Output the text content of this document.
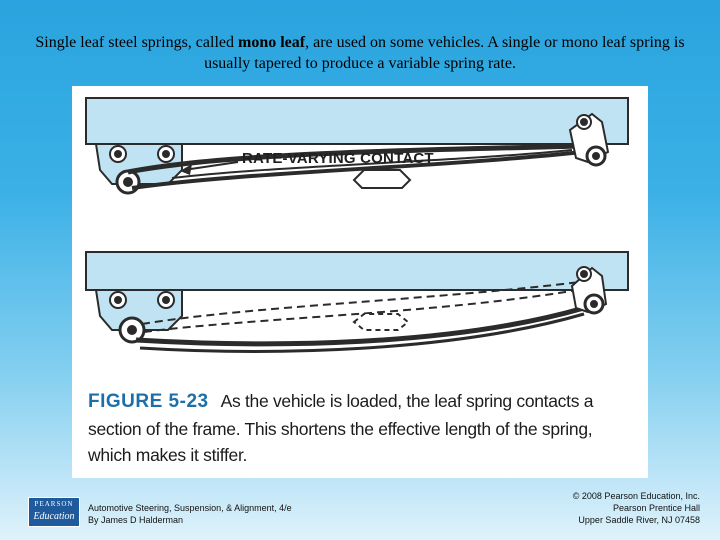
Single leaf steel springs, called mono leaf, are used on some vehicles. A single or mono leaf spring is usually tapered to produce a variable spring rate.
RATE-VARYING CONTACT
FIGURE 5-23 As the vehicle is loaded, the leaf spring contacts a section of the frame. This shortens the effective length of the spring, which makes it stiffer.
PEARSON
Education
Automotive Steering, Suspension, & Alignment, 4/e
By James D Halderman
© 2008 Pearson Education, Inc.
Pearson Prentice Hall
Upper Saddle River, NJ 07458
